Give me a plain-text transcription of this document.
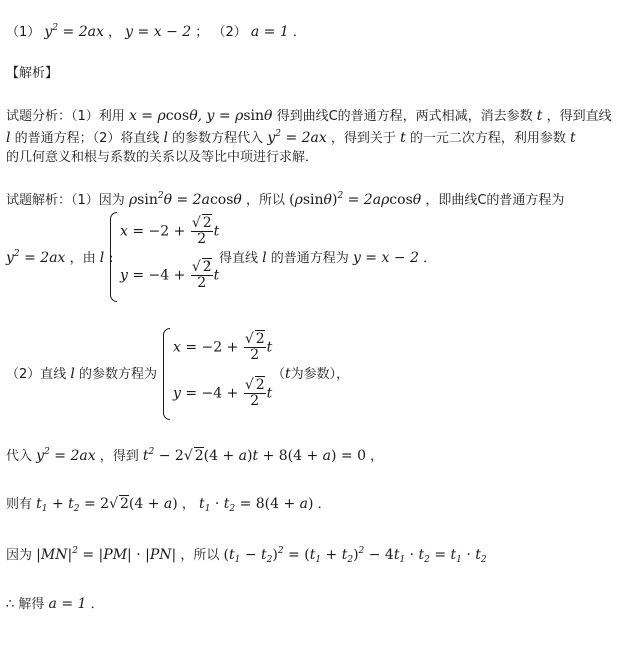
（1） $y^2 = 2ax$ ， y = x − 2 ； （2） a = 1 ．
【解析】
试题分析：（1）利用 x = ρcosθ, y = ρsinθ 得到曲线C的普通方程，两式相减，消去参数 t ，得到直线
l 的普通方程；（2）将直线 l 的参数方程代入 $y^2 = 2ax$ ，得到关于 t 的一元二次方程，利用参数 t
的几何意义和根与系数的关系以及等比中项进行求解．
试题解析：（1）因为 ρsin$^2$θ = 2acosθ ，所以 $(\rho\sin\theta)^2 = 2a\rho\cos\theta$ ，即曲线C的普通方程为
$y^2 = 2ax$ ，由 l :
$x = -2 + \frac{√ 2}{2}$ t
$y = -4 + \frac{√ 2}{2}$ t
，得直线 l 的普通方程为 y = x − 2 ．
（2）直线 l 的参数方程为
$x = -2 + \frac{√ 2}{2}$ t
$y = -4 + \frac{√ 2}{2}$ t
（t为参数），
代入 $y^2 = 2ax$ ，得到 $t^2 - 2√$ 2(4 + a)t + 8(4 + a) = 0 ，
则有 $t_1 + t_2 = 2√$ 2(4 + a) ， $t_1 \cdot t_2 = 8(4 + a)$ ．
因为 $|MN|^2 = |PM| \cdot |PN|$ ，所以 $(t_1 - t_2)^2 = (t_1 + t_2)^2 - 4t_1 \cdot t_2 = t_1 \cdot t_2$
∴ 解得 a = 1 ．
